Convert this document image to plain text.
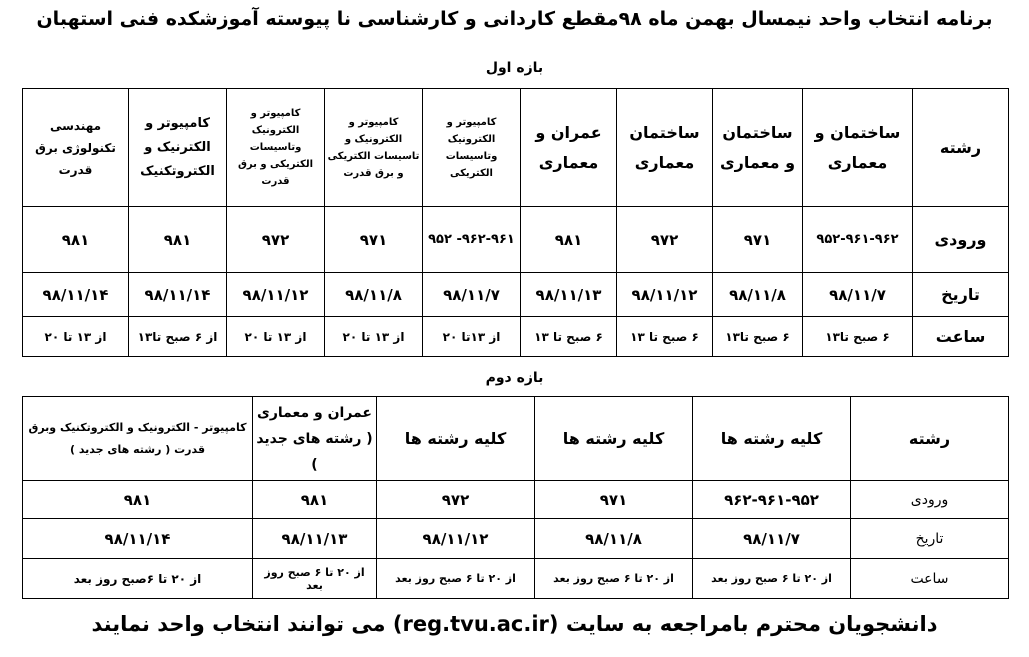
برنامه انتخاب واحد نیمسال بهمن ماه ۹۸مقطع کاردانی و کارشناسی نا پیوسته آموزشکده فنی استهبان
بازه اول
رشته	ساختمان و معماری	ساختمان و معماری	ساختمان معماری	عمران و معماری	کامپیوتر و الکترونیک وتاسیسات الکتریکی	کامپیوتر و الکترونیک و تاسیسات الکتریکی و برق قدرت	کامپیوتر و الکترونیک وتاسیسات الکتریکی و برق قدرت	کامپیوتر و الکترنیک و الکتروتکنیک	مهندسی تکنولوژی برق قدرت
ورودی	۹۵۲-۹۶۱-۹۶۲	۹۷۱	۹۷۲	۹۸۱	۹۶۲-۹۶۱- ۹۵۲	۹۷۱	۹۷۲	۹۸۱	۹۸۱
تاریخ	۹۸/۱۱/۷	۹۸/۱۱/۸	۹۸/۱۱/۱۲	۹۸/۱۱/۱۳	۹۸/۱۱/۷	۹۸/۱۱/۸	۹۸/۱۱/۱۲	۹۸/۱۱/۱۴	۹۸/۱۱/۱۴
ساعت	۶ صبح تا۱۳	۶ صبح تا۱۳	۶ صبح تا ۱۳	۶ صبح تا ۱۳	از ۱۳تا ۲۰	از ۱۳ تا ۲۰	از ۱۳ تا ۲۰	از ۶ صبح تا۱۳	از ۱۳ تا ۲۰
بازه دوم
رشته	کلیه رشته ها	کلیه رشته ها	کلیه رشته ها	عمران و معماری ( رشته های جدید )	کامپیوتر - الکترونیک و الکتروتکنیک وبرق قدرت ( رشته های جدید )
ورودی	۹۶۲-۹۶۱-۹۵۲	۹۷۱	۹۷۲	۹۸۱	۹۸۱
تاریخ	۹۸/۱۱/۷	۹۸/۱۱/۸	۹۸/۱۱/۱۲	۹۸/۱۱/۱۳	۹۸/۱۱/۱۴
ساعت	از ۲۰ تا ۶ صبح روز بعد	از ۲۰ تا ۶ صبح روز بعد	از ۲۰ تا ۶ صبح روز بعد	از ۲۰ تا ۶ صبح روز بعد	از ۲۰ تا ۶صبح روز بعد
دانشجویان محترم بامراجعه به سایت (reg.tvu.ac.ir) می توانند انتخاب واحد نمایند
